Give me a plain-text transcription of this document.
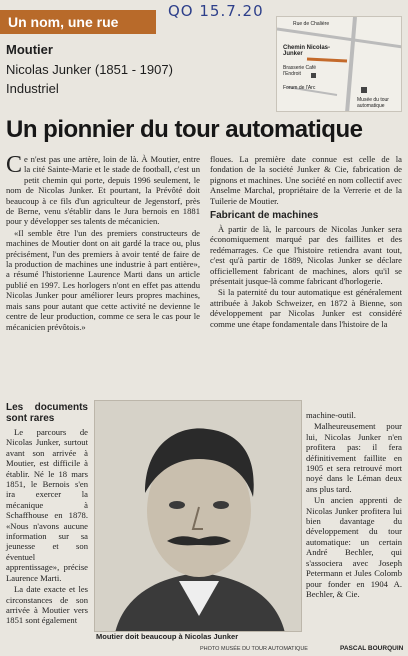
Un nom, une rue
QO 15.7.20
Moutier
Nicolas Junker (1851 - 1907)
Industriel
Rue de Chalière
Chemin Nicolas-Junker
Brasserie Café l'Endroit
Forum de l'Arc
Musée du tour automatique
Un pionnier du tour automatique

Ce n'est pas une artère, loin de là. À Moutier, entre la cité Sainte-Marie et le stade de football, c'est un petit chemin qui porte, depuis 1996 seulement, le nom de Nicolas Junker. Et pourtant, la Prévôté doit beaucoup à ce fils d'un agriculteur de Jegenstorf, près de Berne, venu s'établir dans le Jura bernois en 1881 pour y développer ses talents de mécanicien.

«Il semble être l'un des premiers constructeurs de machines de Moutier dont on ait gardé la trace ou, plus précisément, l'un des premiers à avoir tenté de faire de la production de machines une industrie à part entière», a résumé l'historienne Laurence Marti dans un article publié en 1997. Les horlogers n'ont en effet pas attendu Nicolas Junker pour améliorer leurs propres machines, mais sans pour autant que cette activité ne devienne le centre de leur production, comme ce sera le cas pour le mécanicien prévôtois.»

floues. La première date connue est celle de la fondation de la société Junker & Cie, fabrication de pignons et machines. Une société en nom collectif avec Anselme Marchal, propriétaire de la Verrerie et de la Tuilerie de Moutier.

Fabricant de machines

À partir de là, le parcours de Nicolas Junker sera économiquement marqué par des faillites et des redémarrages. Ce que l'histoire retiendra avant tout, c'est qu'à partir de 1889, Nicolas Junker se déclare officiellement fabricant de machines, alors qu'il se présentait jusque-là comme fabricant d'horlogerie.

Si la paternité du tour automatique est généralement attribuée à Jakob Schweizer, en 1872 à Bienne, son développement par Nicolas Junker est considéré comme une étape fondamentale dans l'histoire de la

Les documents sont rares

Le parcours de Nicolas Junker, surtout avant son arrivée à Moutier, est difficile à établir. Né le 18 mars 1851, le Bernois s'en ira exercer la mécanique à Schaffhouse en 1878. «Nous n'avons aucune information sur sa jeunesse et son éventuel apprentissage», précise Laurence Marti.

La date exacte et les circonstances de son arrivée à Moutier vers 1851 sont également

machine-outil.

Malheureusement pour lui, Nicolas Junker n'en profitera pas: il fera définitivement faillite en 1905 et sera retrouvé mort noyé dans le Léman deux ans plus tard.

Un ancien apprenti de Nicolas Junker profitera lui bien davantage du développement du tour automatique: un certain André Bechler, qui s'associera avec Joseph Petermann et Jules Colomb pour fonder en 1904 A. Bechler, & Cie.

Moutier doit beaucoup à Nicolas Junker
PHOTO MUSÉE DU TOUR AUTOMATIQUE	PASCAL BOURQUIN
